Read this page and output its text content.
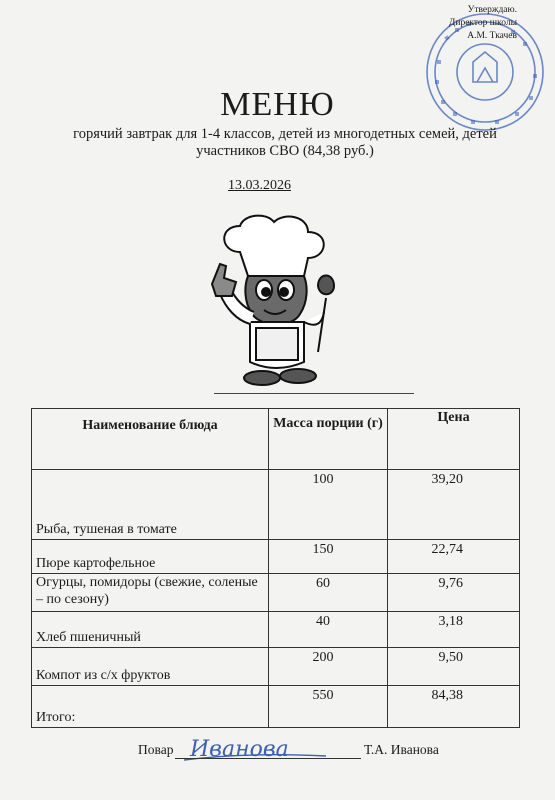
Утверждаю.
Директор школы
А.М. Ткачев
МЕНЮ
горячий завтрак для 1-4 классов, детей из многодетных семей, детей участников СВО (84,38 руб.)
13.03.2026
Наименование блюда	Масса порции (г)	Цена
Рыба, тушеная в томате	100	39,20
Пюре картофельное	150	22,74
Огурцы, помидоры (свежие, соленые – по сезону)	60	9,76
Хлеб пшеничный	40	3,18
Компот из с/х фруктов	200	9,50
Итого:	550	84,38
Повар Иванова	Т.А. Иванова
